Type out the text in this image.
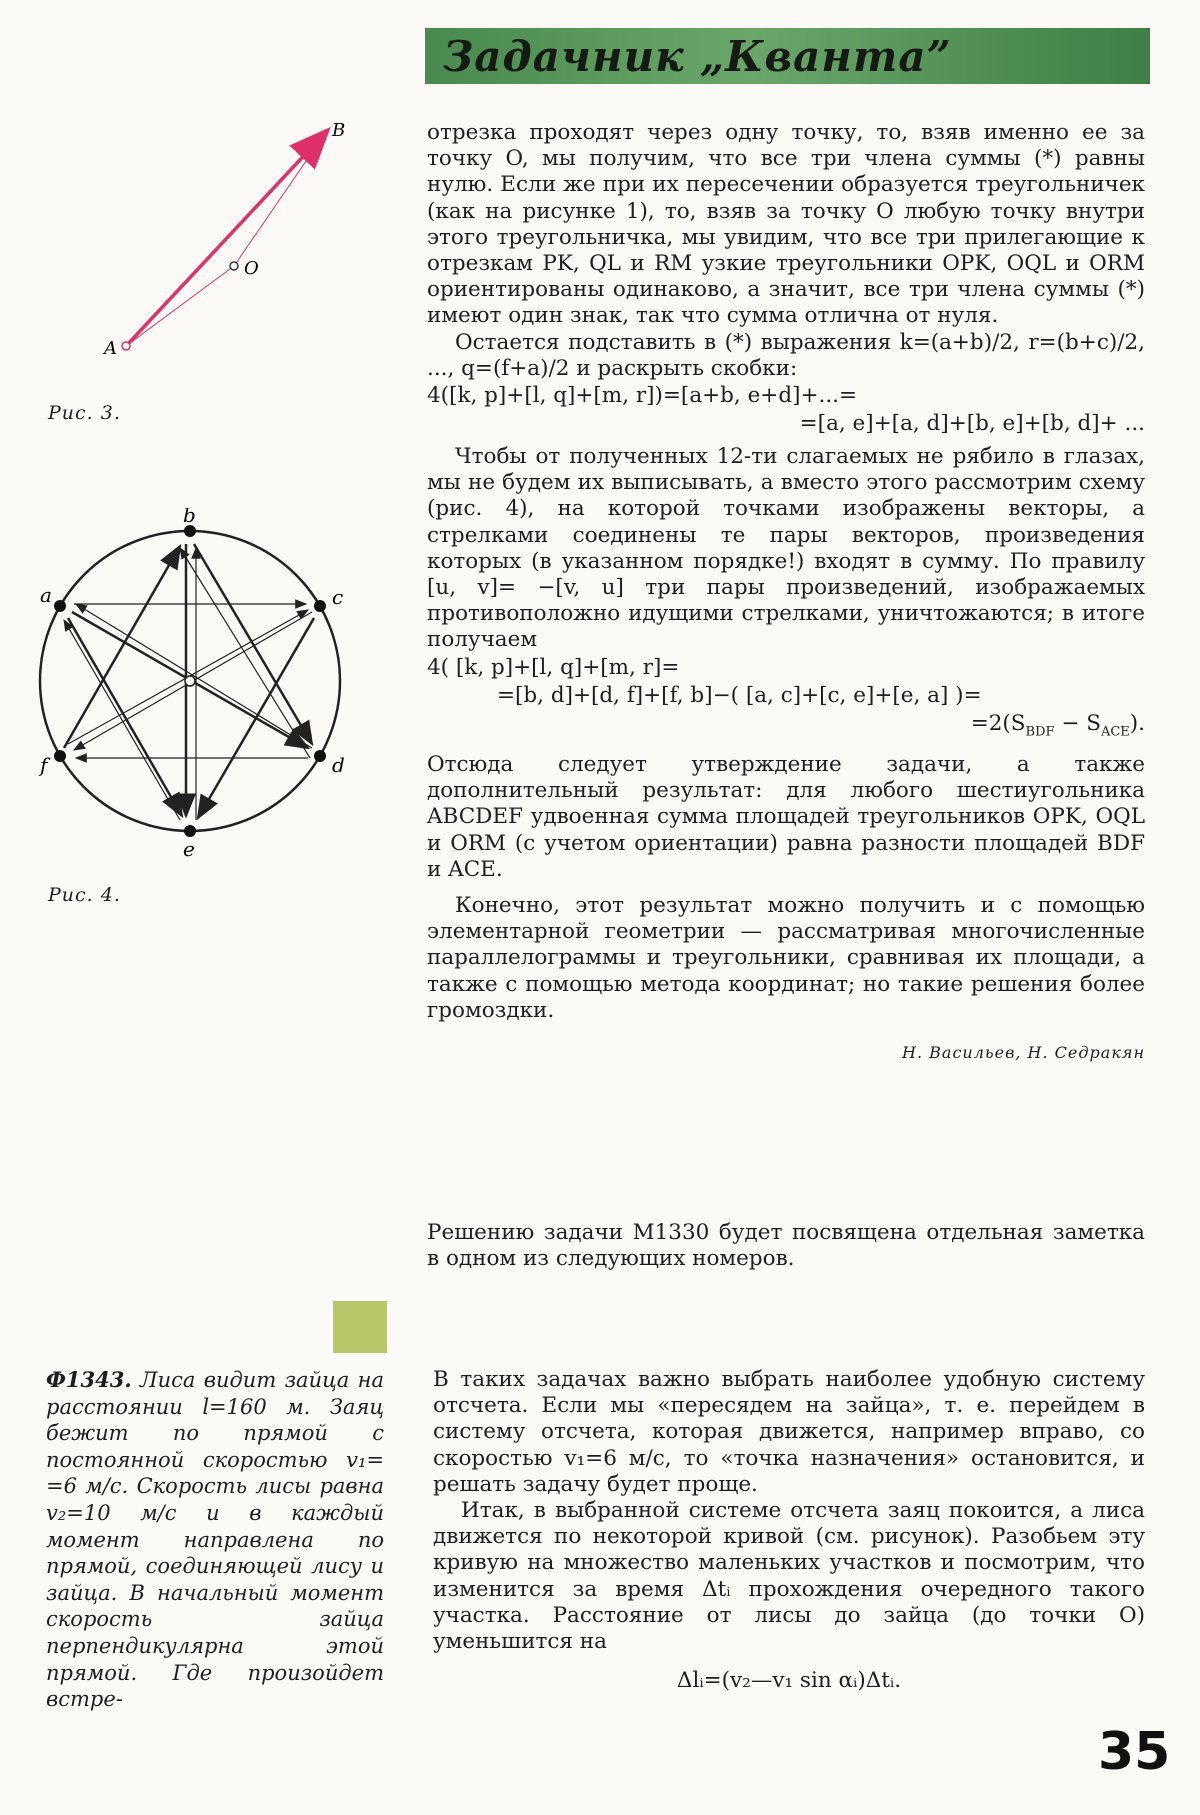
Задачник „Кванта”
A
B
O
Рис. 3.
b
c
d
e
f
a
Рис. 4.

отрезка проходят через одну точку, то, взяв именно ее за точку O, мы получим, что все три члена суммы (*) равны нулю. Если же при их пересечении образуется треугольничек (как на рисунке 1), то, взяв за точку O любую точку внутри этого треугольничка, мы увидим, что все три прилегающие к отрезкам PK, QL и RM узкие треугольники OPK, OQL и ORM ориентированы одинаково, а значит, все три члена суммы (*) имеют один знак, так что сумма отлична от нуля.

Остается подставить в (*) выражения k=(a+b)/2, r=(b+c)/2, ..., q=(f+a)/2 и раскрыть скобки:

4([k, p]+[l, q]+[m, r])=[a+b, e+d]+...=
=[a, e]+[a, d]+[b, e]+[b, d]+ ...

Чтобы от полученных 12-ти слагаемых не рябило в глазах, мы не будем их выписывать, а вместо этого рассмотрим схему (рис. 4), на которой точками изображены векторы, а стрелками соединены те пары векторов, произведения которых (в указанном порядке!) входят в сумму. По правилу [u, v]= −[v, u] три пары произведений, изображаемых противоположно идущими стрелками, уничтожаются; в итоге получаем

4( [k, p]+[l, q]+[m, r]=
=[b, d]+[d, f]+[f, b]−( [a, c]+[c, e]+[e, a] )=
$=2(S_{BDF} - S_{ACE})$.

Отсюда следует утверждение задачи, а также дополнительный результат: для любого шестиугольника ABCDEF удвоенная сумма площадей треугольников OPK, OQL и ORM (с учетом ориентации) равна разности площадей BDF и ACE.

Конечно, этот результат можно получить и с помощью элементарной геометрии — рассматривая многочисленные параллелограммы и треугольники, сравнивая их площади, а также с помощью метода координат; но такие решения более громоздки.

Н. Васильев, Н. Седракян
Решению задачи М1330 будет посвящена отдельная заметка в одном из следующих номеров.
Ф1343. Лиса видит зайца на расстоянии l=160 м. Заяц бежит по прямой с постоянной скоростью v₁= =6 м/с. Скорость лисы равна v₂=10 м/с и в каждый момент направлена по прямой, соединяющей лису и зайца. В начальный момент скорость зайца перпендикулярна этой прямой. Где произойдет встре-

В таких задачах важно выбрать наиболее удобную систему отсчета. Если мы «пересядем на зайца», т. е. перейдем в систему отсчета, которая движется, например вправо, со скоростью v₁=6 м/с, то «точка назначения» остановится, и решать задачу будет проще.

Итак, в выбранной системе отсчета заяц покоится, а лиса движется по некоторой кривой (см. рисунок). Разобьем эту кривую на множество маленьких участков и посмотрим, что изменится за время Δtᵢ прохождения очередного такого участка. Расстояние от лисы до зайца (до точки O) уменьшится на

Δlᵢ=(v₂—v₁ sin αᵢ)Δtᵢ.
35
